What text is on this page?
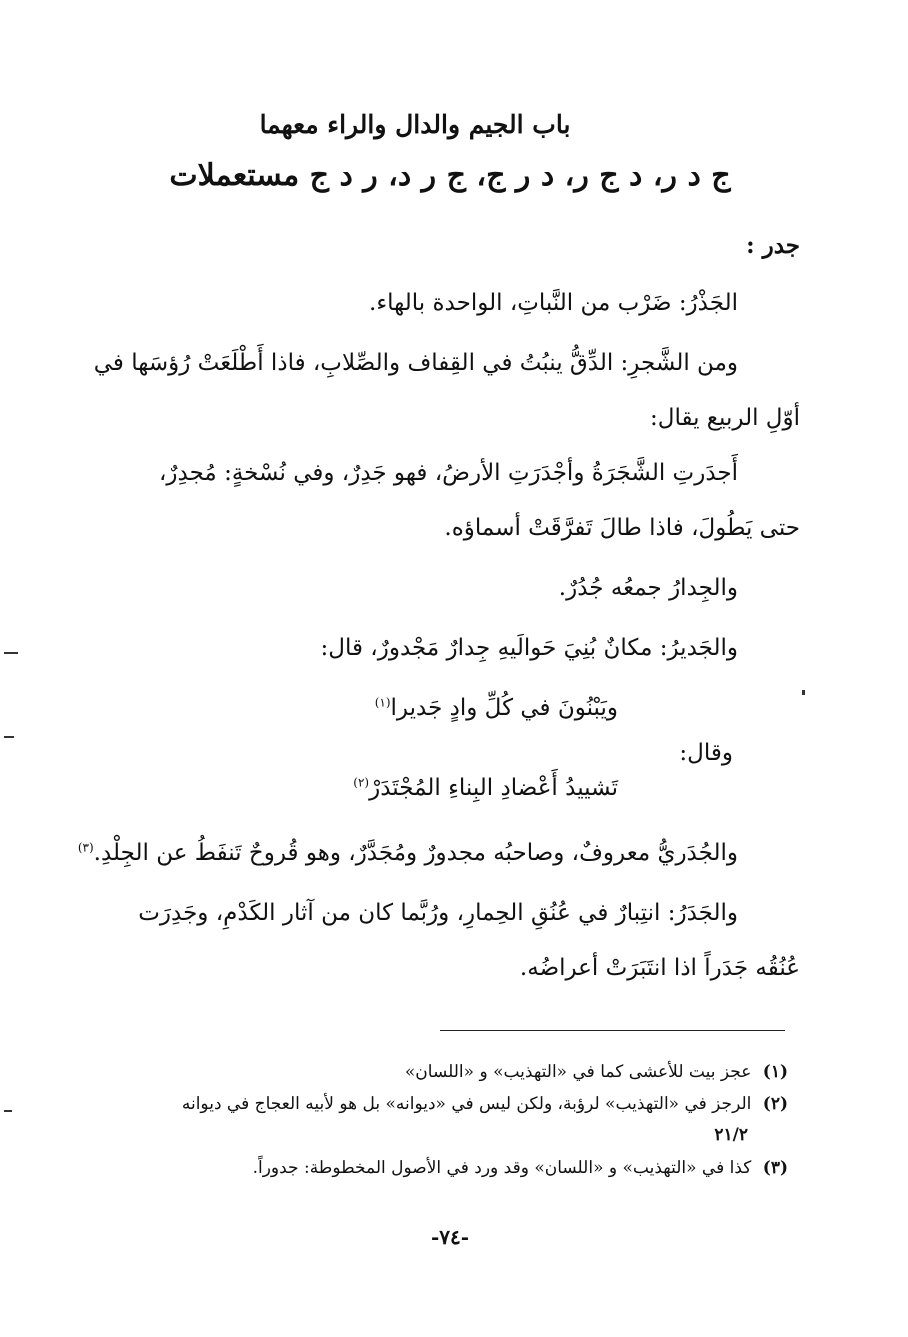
باب الجيم والدال والراء معهما
ج د ر، د ج ر، د ر ج، ج ر د، ر د ج مستعملات
جدر :
الجَذْرُ: ضَرْب من النَّباتِ، الواحدة بالهاء.
ومن الشَّجرِ: الدِّقُّ ينبُتُ في القِفاف والصِّلابِ، فاذا أَطْلَعَتْ رُؤسَها في
أوّلِ الربيع يقال:
أَجدَرتِ الشَّجَرَةُ وأجْدَرَتِ الأرضُ، فهو جَدِرٌ، وفي نُسْخةٍ: مُجدِرٌ،
حتى يَطُولَ، فاذا طالَ تَفرَّقَتْ أسماؤه.
والجِدارُ جمعُه جُدُرٌ.
والجَديرُ: مكانٌ بُنِيَ حَوالَيهِ جِدارٌ مَجْدورٌ، قال:
ويَبْنُونَ في كُلِّ وادٍ جَديرا$^{(١)}$
وقال:
تَشييدُ أَعْضادِ البِناءِ المُجْتَدَرْ$^{(٢)}$
والجُدَريُّ معروفٌ، وصاحبُه مجدورٌ ومُجَدَّرٌ، وهو قُروحٌ تَنفَطُ عن الجِلْدِ.$^{(٣)}$
والجَدَرُ: انتِبارٌ في عُنُقِ الحِمارِ، ورُبَّما كان من آثار الكَدْمِ، وجَدِرَت
عُنُقُه جَدَراً اذا انتَبَرَتْ أعراضُه.
(١) عجز بيت للأعشى كما في «التهذيب» و «اللسان»
(٢) الرجز في «التهذيب» لرؤبة، ولكن ليس في «ديوانه» بل هو لأبيه العجاج في ديوانه
٢١/٢
(٣) كذا في «التهذيب» و «اللسان» وقد ورد في الأصول المخطوطة: جدوراً.
-٧٤-
